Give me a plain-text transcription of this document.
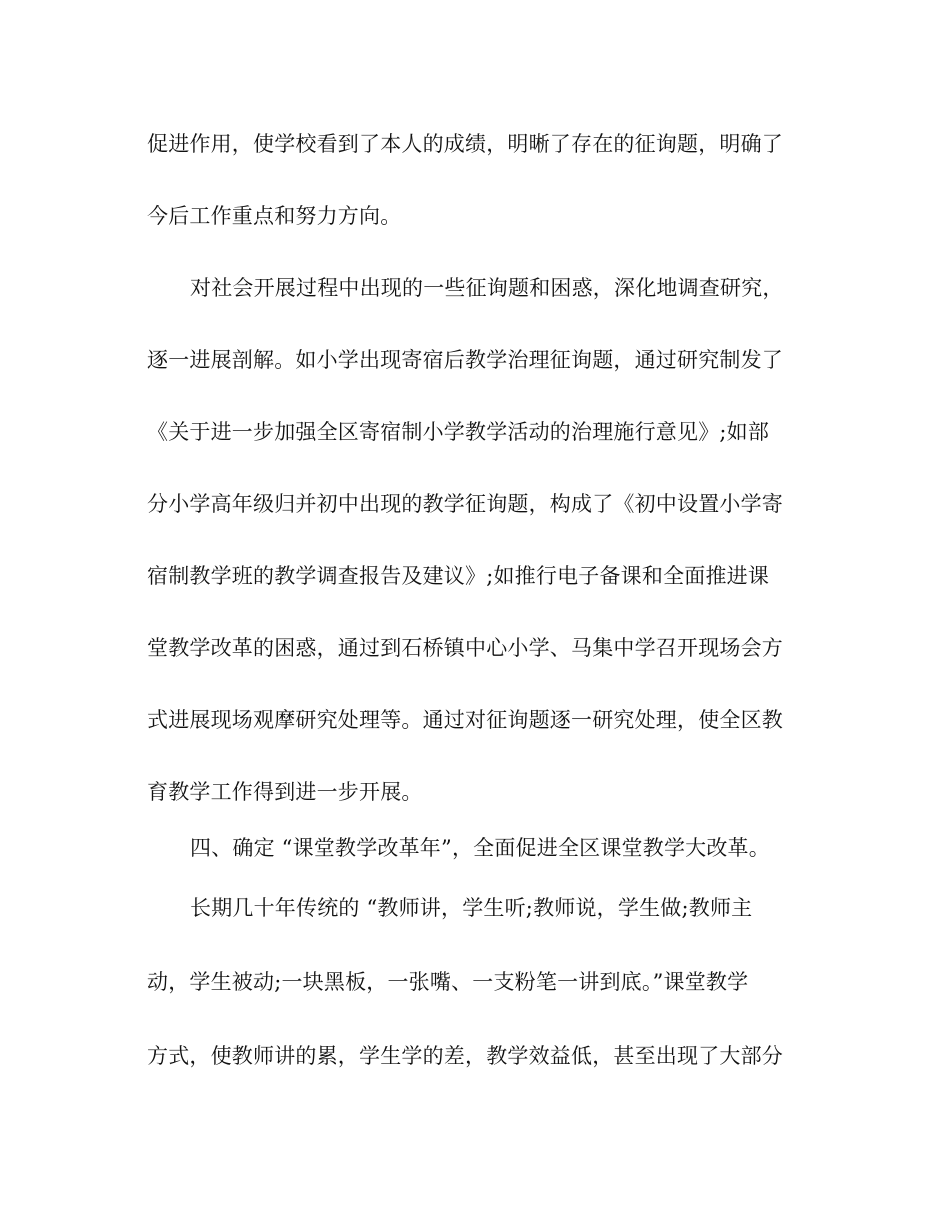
促进作用，使学校看到了本人的成绩，明晰了存在的征询题，明确了
今后工作重点和努力方向。
对社会开展过程中出现的一些征询题和困惑，深化地调查研究，
逐一进展剖解。如小学出现寄宿后教学治理征询题，通过研究制发了
《关于进一步加强全区寄宿制小学教学活动的治理施行意见》;如部
分小学高年级归并初中出现的教学征询题，构成了《初中设置小学寄
宿制教学班的教学调查报告及建议》;如推行电子备课和全面推进课
堂教学改革的困惑，通过到石桥镇中心小学、马集中学召开现场会方
式进展现场观摩研究处理等。通过对征询题逐一研究处理，使全区教
育教学工作得到进一步开展。
四、确定 “课堂教学改革年”，全面促进全区课堂教学大改革。
长期几十年传统的 “教师讲，学生听;教师说，学生做;教师主
动，学生被动;一块黑板，一张嘴、一支粉笔一讲到底。”课堂教学
方式，使教师讲的累，学生学的差，教学效益低，甚至出现了大部分
